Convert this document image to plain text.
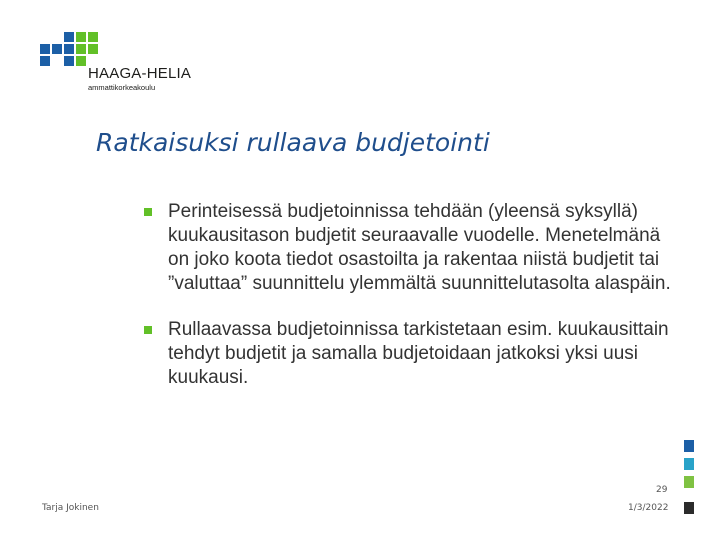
HAAGA-HELIA
ammattikorkeakoulu
Ratkaisuksi rullaava budjetointi
Perinteisessä budjetoinnissa tehdään (yleensä syksyllä) kuukausitason budjetit seuraavalle vuodelle. Menetelmänä on joko koota tiedot osastoilta ja rakentaa niistä budjetit tai ”valuttaa” suunnittelu ylemmältä suunnittelutasolta alaspäin.
Rullaavassa budjetoinnissa tarkistetaan esim. kuukausittain tehdyt budjetit ja samalla budjetoidaan jatkoksi yksi uusi kuukausi.
Tarja Jokinen
29
1/3/2022
